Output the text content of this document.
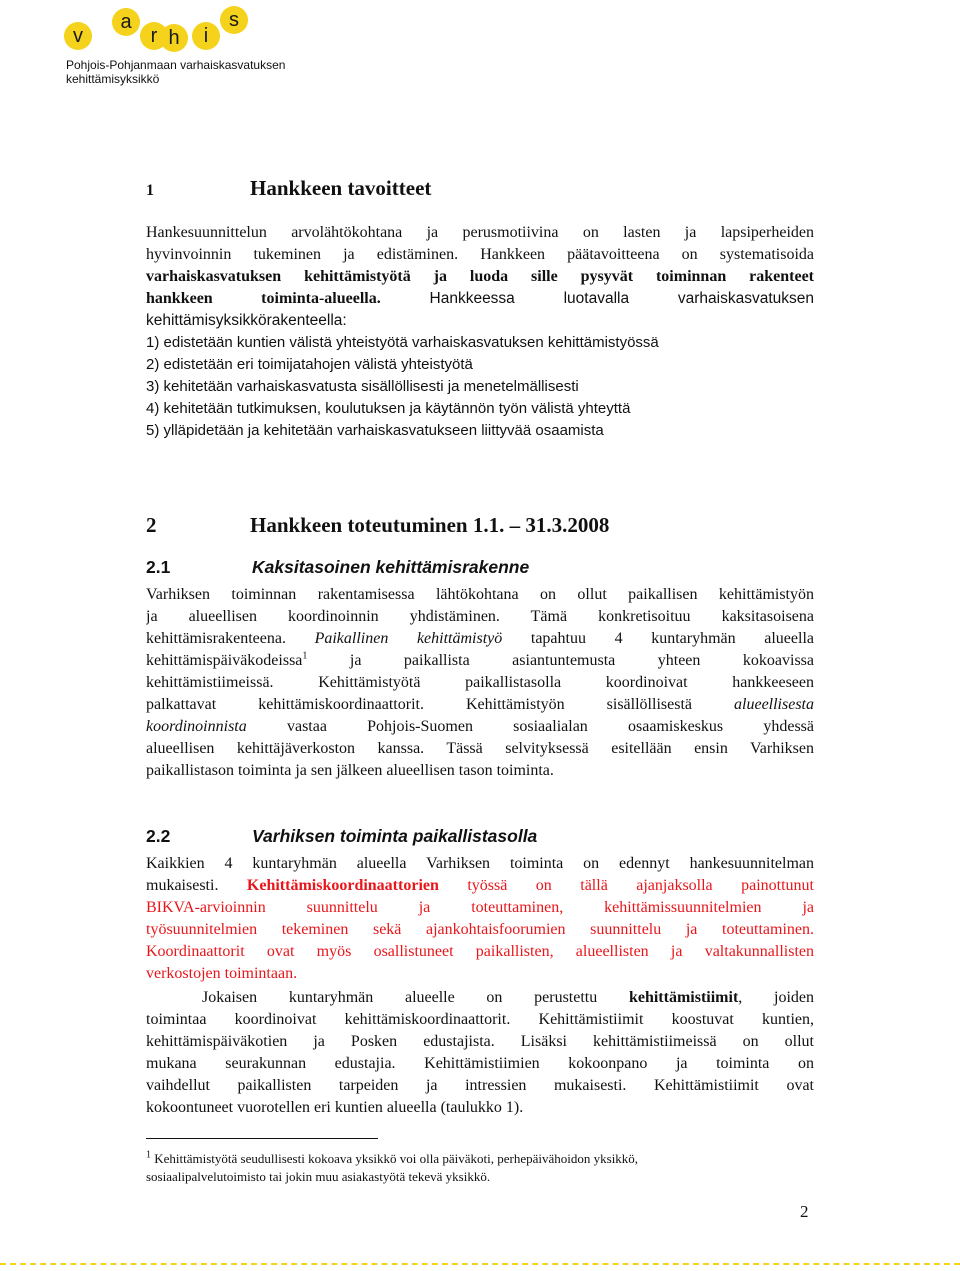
v
a
r h	i
s
Pohjois-Pohjanmaan varhaiskasvatuksen
kehittämisyksikkö
1	Hankkeen tavoitteet
Hankesuunnittelun arvolähtökohtana ja perusmotiivina on lasten ja lapsiperheiden
hyvinvoinnin tukeminen ja edistäminen. Hankkeen päätavoitteena on systematisoida
varhaiskasvatuksen kehittämistyötä ja luoda sille pysyvät toiminnan rakenteet
hankkeen toiminta-alueella. Hankkeessa luotavalla varhaiskasvatuksen
kehittämisyksikkörakenteella:
1) edistetään kuntien välistä yhteistyötä varhaiskasvatuksen kehittämistyössä
2) edistetään eri toimijatahojen välistä yhteistyötä
3) kehitetään varhaiskasvatusta sisällöllisesti ja menetelmällisesti
4) kehitetään tutkimuksen, koulutuksen ja käytännön työn välistä yhteyttä
5) ylläpidetään ja kehitetään varhaiskasvatukseen liittyvää osaamista
2	Hankkeen toteutuminen 1.1. – 31.3.2008
2.1	Kaksitasoinen kehittämisrakenne
Varhiksen toiminnan rakentamisessa lähtökohtana on ollut paikallisen kehittämistyön
ja alueellisen koordinoinnin yhdistäminen. Tämä konkretisoituu kaksitasoisena
kehittämisrakenteena. Paikallinen kehittämistyö tapahtuu 4 kuntaryhmän alueella
kehittämispäiväkodeissa$^1$ ja paikallista asiantuntemusta yhteen kokoavissa
kehittämistiimeissä. Kehittämistyötä paikallistasolla koordinoivat hankkeeseen
palkattavat kehittämiskoordinaattorit. Kehittämistyön sisällöllisestä alueellisesta
koordinoinnista vastaa Pohjois-Suomen sosiaalialan osaamiskeskus yhdessä
alueellisen kehittäjäverkoston kanssa. Tässä selvityksessä esitellään ensin Varhiksen
paikallistason toiminta ja sen jälkeen alueellisen tason toiminta.
2.2	Varhiksen toiminta paikallistasolla
Kaikkien 4 kuntaryhmän alueella Varhiksen toiminta on edennyt hankesuunnitelman
mukaisesti. Kehittämiskoordinaattorien työssä on tällä ajanjaksolla painottunut
BIKVA-arvioinnin suunnittelu ja toteuttaminen, kehittämissuunnitelmien ja
työsuunnitelmien tekeminen sekä ajankohtaisfoorumien suunnittelu ja toteuttaminen.
Koordinaattorit ovat myös osallistuneet paikallisten, alueellisten ja valtakunnallisten
verkostojen toimintaan.
Jokaisen kuntaryhmän alueelle on perustettu kehittämistiimit, joiden
toimintaa koordinoivat kehittämiskoordinaattorit. Kehittämistiimit koostuvat kuntien,
kehittämispäiväkotien ja Posken edustajista. Lisäksi kehittämistiimeissä on ollut
mukana seurakunnan edustajia. Kehittämistiimien kokoonpano ja toiminta on
vaihdellut paikallisten tarpeiden ja intressien mukaisesti. Kehittämistiimit ovat
kokoontuneet vuorotellen eri kuntien alueella (taulukko 1).
$^1$ Kehittämistyötä seudullisesti kokoava yksikkö voi olla päiväkoti, perhepäivähoidon yksikkö,
sosiaalipalvelutoimisto tai jokin muu asiakastyötä tekevä yksikkö.
2
